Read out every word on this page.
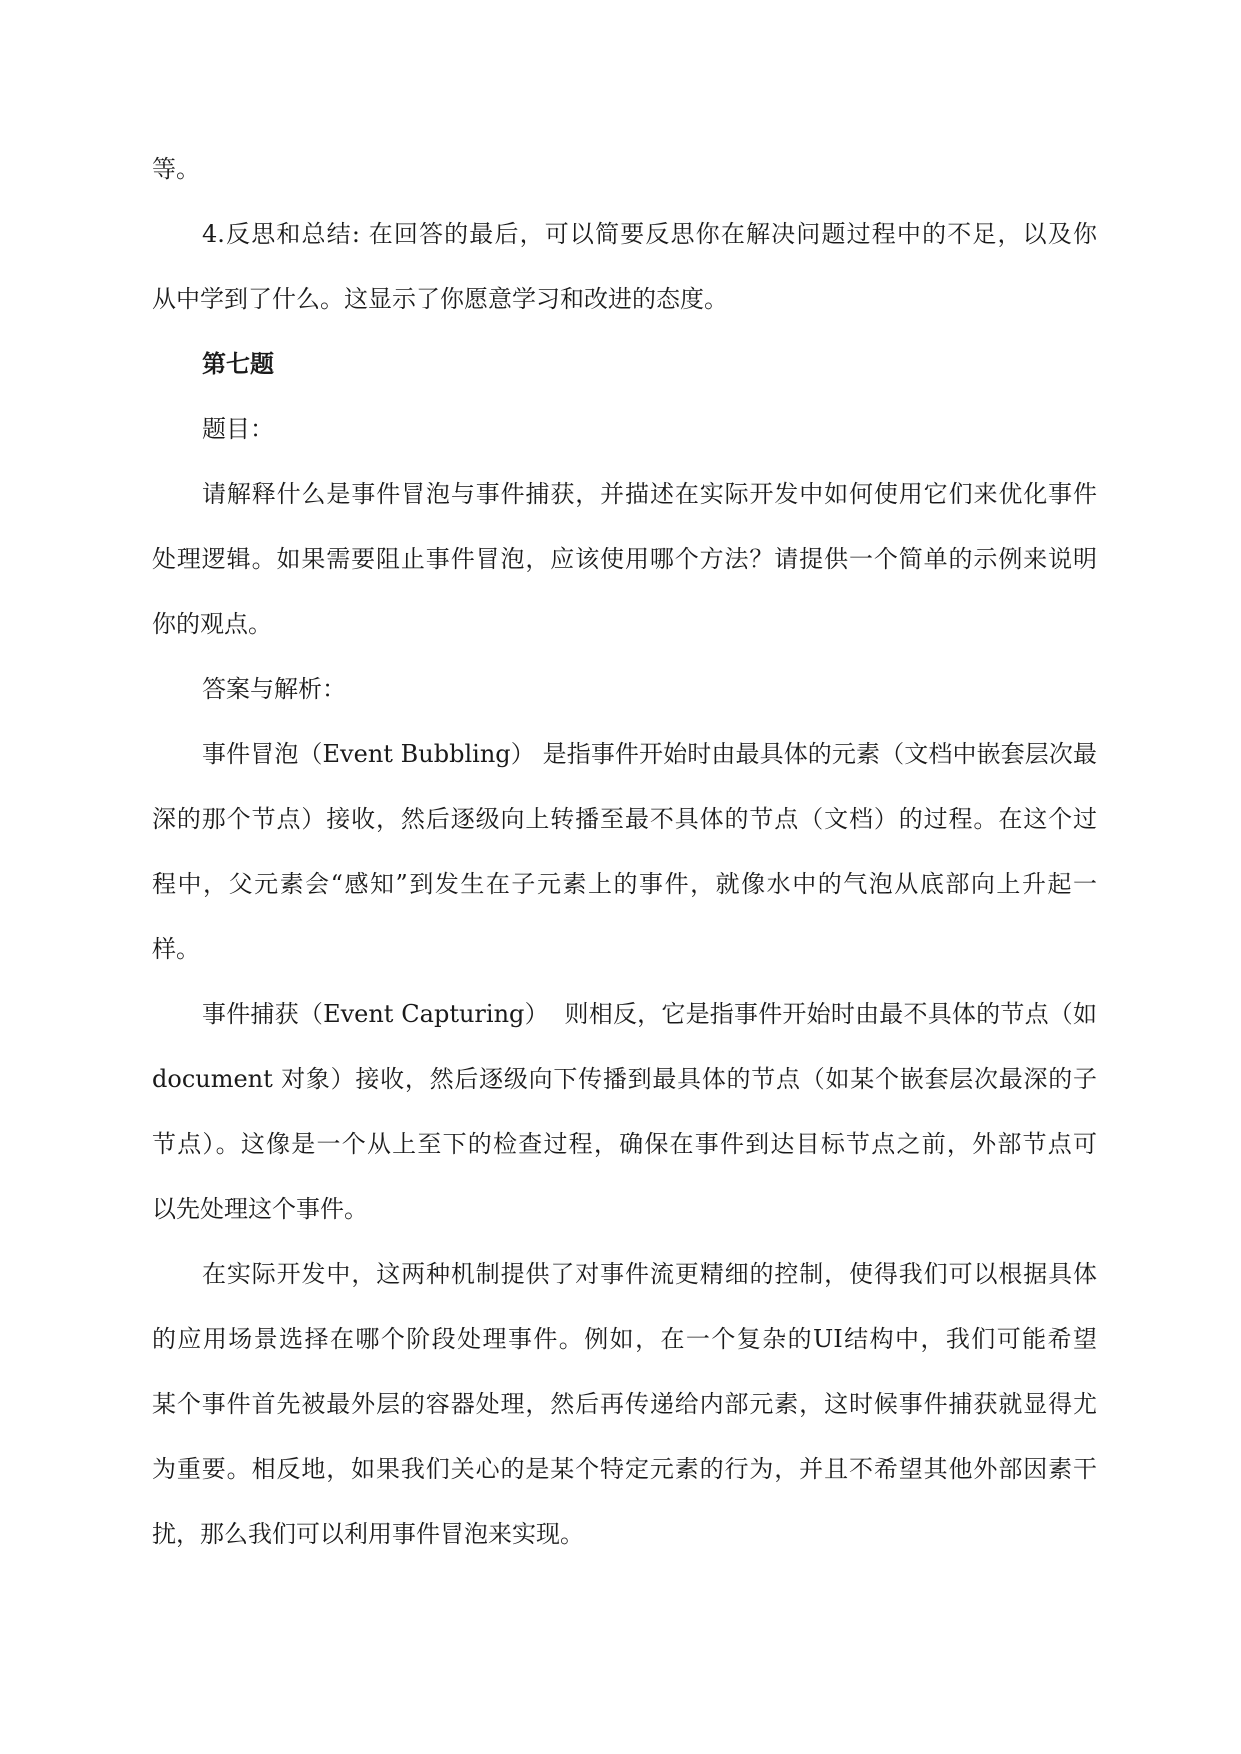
等。
4.反思和总结: 在回答的最后，可以简要反思你在解决问题过程中的不足，以及你
从中学到了什么。这显示了你愿意学习和改进的态度。
第七题
题目：
请解释什么是事件冒泡与事件捕获，并描述在实际开发中如何使用它们来优化事件
处理逻辑。如果需要阻止事件冒泡，应该使用哪个方法？请提供一个简单的示例来说明
你的观点。
答案与解析：
事件冒泡（Event Bubbling） 是指事件开始时由最具体的元素（文档中嵌套层次最
深的那个节点）接收，然后逐级向上转播至最不具体的节点（文档）的过程。在这个过
程中，父元素会“感知”到发生在子元素上的事件，就像水中的气泡从底部向上升起一
样。
事件捕获（Event Capturing）  则相反，它是指事件开始时由最不具体的节点（如
document 对象）接收，然后逐级向下传播到最具体的节点（如某个嵌套层次最深的子
节点）。这像是一个从上至下的检查过程，确保在事件到达目标节点之前，外部节点可
以先处理这个事件。
在实际开发中，这两种机制提供了对事件流更精细的控制，使得我们可以根据具体
的应用场景选择在哪个阶段处理事件。例如，在一个复杂的UI结构中，我们可能希望
某个事件首先被最外层的容器处理，然后再传递给内部元素，这时候事件捕获就显得尤
为重要。相反地，如果我们关心的是某个特定元素的行为，并且不希望其他外部因素干
扰，那么我们可以利用事件冒泡来实现。
